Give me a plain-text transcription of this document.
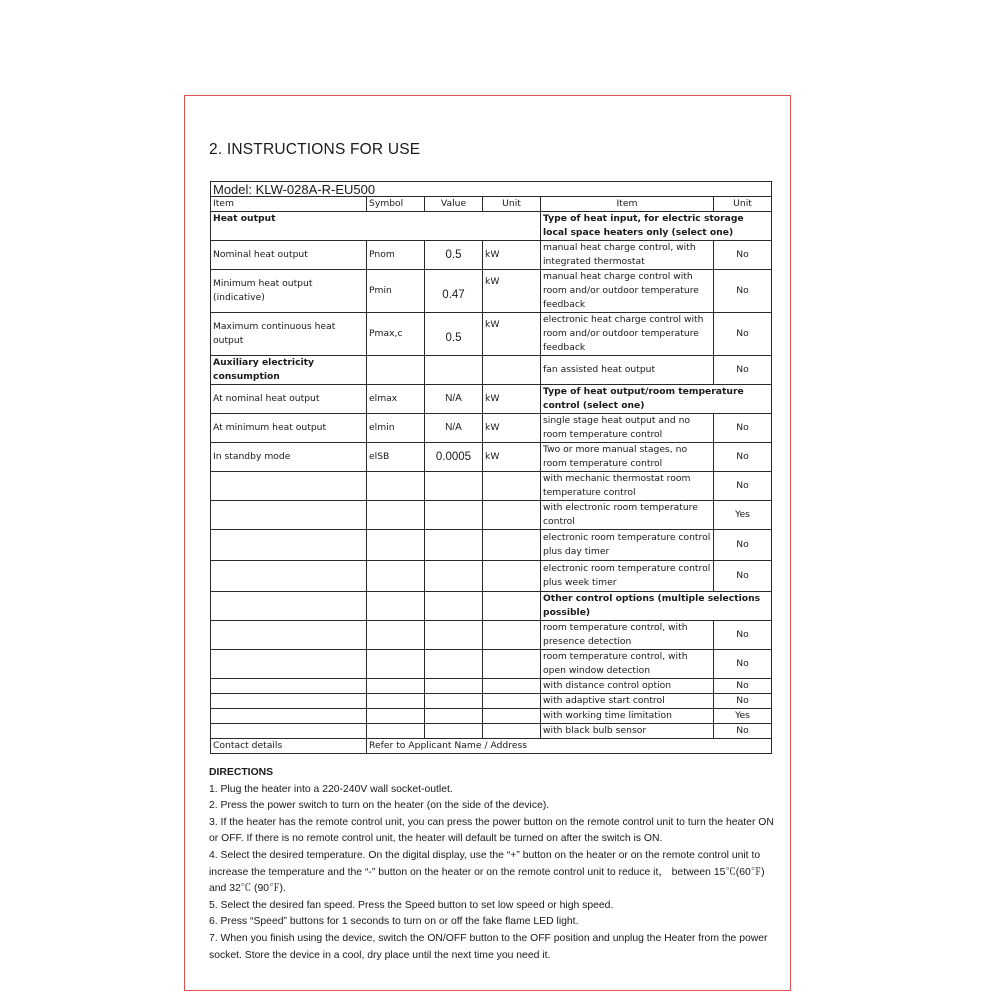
2. INSTRUCTIONS FOR USE
Model: KLW-028A-R-EU500					
Item	Symbol	Value	Unit	Item	Unit
Heat output				Type of heat input, for electric storage local space heaters only (select one)	
Nominal heat output	Pnom	0.5	kW	manual heat charge control, with integrated thermostat	No
Minimum heat output (indicative)	Pmin	0.47	kW	manual heat charge control with room and/or outdoor temperature feedback	No
Maximum continuous heat output	Pmax,c	0.5	kW	electronic heat charge control with room and/or outdoor temperature feedback	No
Auxiliary electricity consumption				fan assisted heat output	No
At nominal heat output	elmax	N/A	kW	Type of heat output/room temperature control (select one)	
At minimum heat output	elmin	N/A	kW	single stage heat output and no room temperature control	No
In standby mode	elSB	0.0005	kW	Two or more manual stages, no room temperature control	No
				with mechanic thermostat room temperature control	No
				with electronic room temperature control	Yes
				electronic room temperature control plus day timer	No
				electronic room temperature control plus week timer	No
				Other control options (multiple selections possible)	
				room temperature control, with presence detection	No
				room temperature control, with open window detection	No
				with distance control option	No
				with adaptive start control	No
				with working time limitation	Yes
				with black bulb sensor	No
Contact details	Refer to Applicant Name / Address				

DIRECTIONS

1. Plug the heater into a 220-240V wall socket-outlet.

2. Press the power switch to turn on the heater (on the side of the device).

3. If the heater has the remote control unit, you can press the power button on the remote control unit to turn the heater ON or OFF. If there is no remote control unit, the heater will default be turned on after the switch is ON.

4. Select the desired temperature. On the digital display, use the “+” button on the heater or on the remote control unit to increase the temperature and the “-” button on the heater or on the remote control unit to reduce it， between 15℃(60℉) and 32℃ (90℉).

5. Select the desired fan speed. Press the Speed button to set low speed or high speed.

6. Press “Speed” buttons for 1 seconds to turn on or off the fake flame LED light.

7. When you finish using the device, switch the ON/OFF button to the OFF position and unplug the Heater from the power socket. Store the device in a cool, dry place until the next time you need it.
